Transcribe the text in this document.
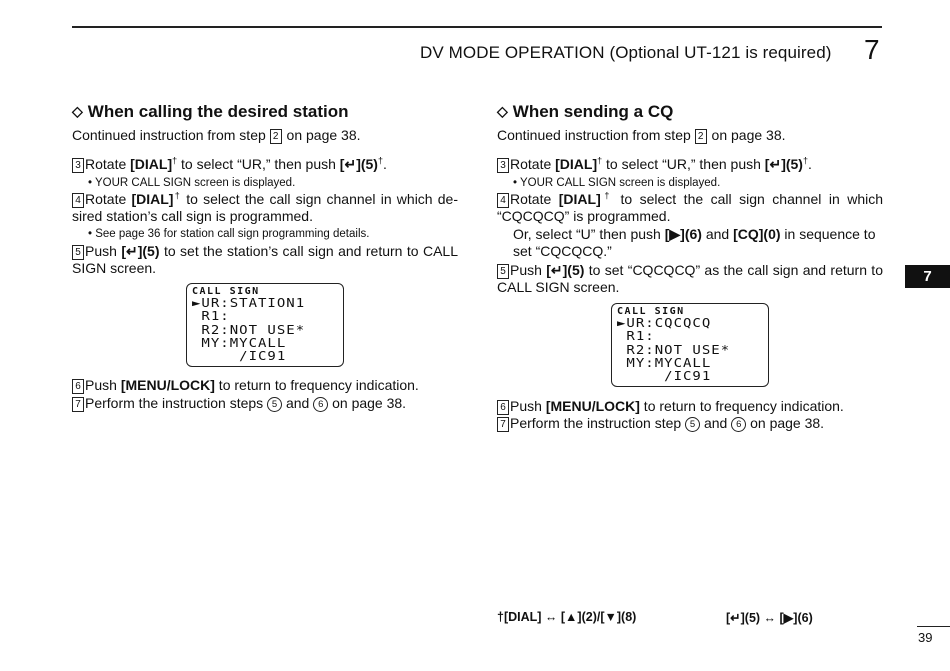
DV MODE OPERATION (Optional UT-121 is required) 7
◇ When calling the desired station
Continued instruction from step 2 on page 38.
3 Rotate [DIAL]† to select “UR,” then push [↵](5)†.
• YOUR CALL SIGN screen is displayed.
4 Rotate [DIAL]† to select the call sign channel in which de-sired station’s call sign is programmed.
• See page 36 for station call sign programming details.
5 Push [↵](5) to set the station’s call sign and return to CALL SIGN screen.
CALL SIGN
►UR:STATION1
R1:
R2:NOT USE*
MY:MYCALL
/IC91
6 Push [MENU/LOCK] to return to frequency indication.
7 Perform the instruction steps 5 and 6 on page 38.
◇ When sending a CQ
Continued instruction from step 2 on page 38.
3 Rotate [DIAL]† to select “UR,” then push [↵](5)†.
• YOUR CALL SIGN screen is displayed.
4 Rotate [DIAL]† to select the call sign channel in which “CQCQCQ” is programmed.
Or, select “U” then push [▶](6) and [CQ](0) in sequence to set “CQCQCQ.”
5 Push [↵](5) to set “CQCQCQ” as the call sign and return to CALL SIGN screen.
CALL SIGN
►UR:CQCQCQ
R1:
R2:NOT USE*
MY:MYCALL
/IC91
6 Push [MENU/LOCK] to return to frequency indication.
7 Perform the instruction step 5 and 6 on page 38.
7
†[DIAL] ↔ [▲](2)/[▼](8)	[↵](5) ↔ [▶](6)
39
